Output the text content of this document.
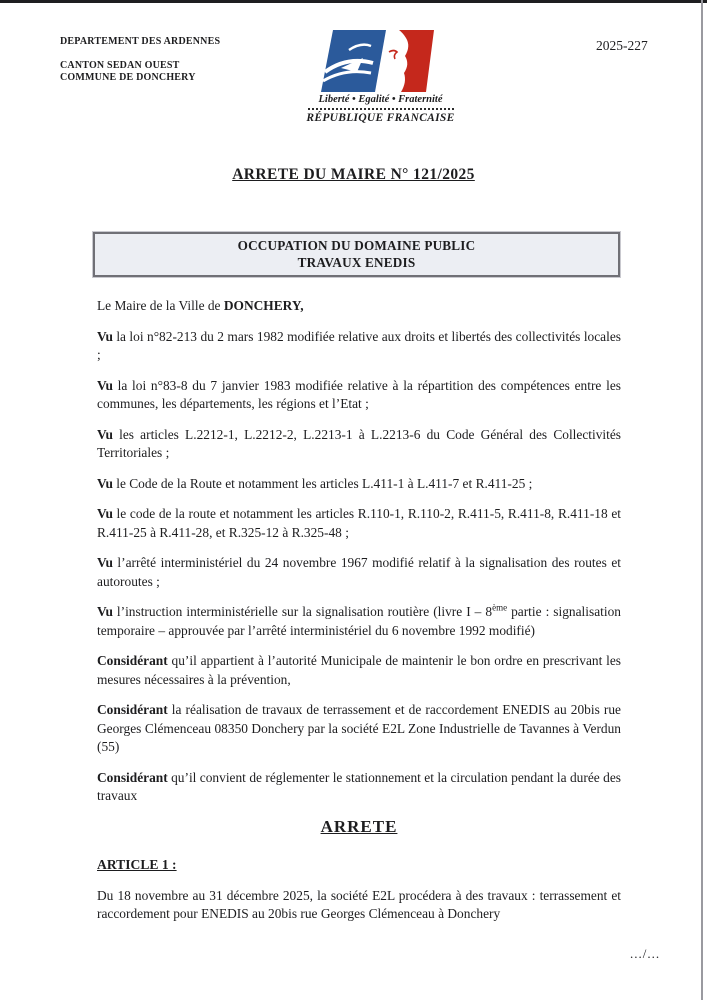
DEPARTEMENT DES ARDENNES
CANTON SEDAN OUEST
COMMUNE DE DONCHERY
Liberté • Egalité • Fraternité
RÉPUBLIQUE FRANCAISE
2025-227
ARRETE DU MAIRE N° 121/2025
OCCUPATION DU DOMAINE PUBLIC
TRAVAUX ENEDIS

Le Maire de la Ville de DONCHERY,

Vu la loi n°82-213 du 2 mars 1982 modifiée relative aux droits et libertés des collectivités locales ;

Vu la loi n°83-8 du 7 janvier 1983 modifiée relative à la répartition des compétences entre les communes, les départements, les régions et l’Etat ;

Vu les articles L.2212-1, L.2212-2, L.2213-1 à L.2213-6 du Code Général des Collectivités Territoriales ;

Vu le Code de la Route et notamment les articles L.411-1 à L.411-7 et R.411-25 ;

Vu le code de la route et notamment les articles R.110-1, R.110-2, R.411-5, R.411-8, R.411-18 et R.411-25 à R.411-28, et R.325-12 à R.325-48 ;

Vu l’arrêté interministériel du 24 novembre 1967 modifié relatif à la signalisation des routes et autoroutes ;

Vu l’instruction interministérielle sur la signalisation routière (livre I – 8ème partie : signalisation temporaire – approuvée par l’arrêté interministériel du 6 novembre 1992 modifié)

Considérant qu’il appartient à l’autorité Municipale de maintenir le bon ordre en prescrivant les mesures nécessaires à la prévention,

Considérant la réalisation de travaux de terrassement et de raccordement ENEDIS au 20bis rue Georges Clémenceau 08350 Donchery par la société E2L Zone Industrielle de Tavannes à Verdun (55)

Considérant qu’il convient de réglementer le stationnement et la circulation pendant la durée des travaux

ARRETE

ARTICLE 1 :

Du 18 novembre au 31 décembre 2025, la société E2L procédera à des travaux : terrassement et raccordement pour ENEDIS au 20bis rue Georges Clémenceau à Donchery

.../...
